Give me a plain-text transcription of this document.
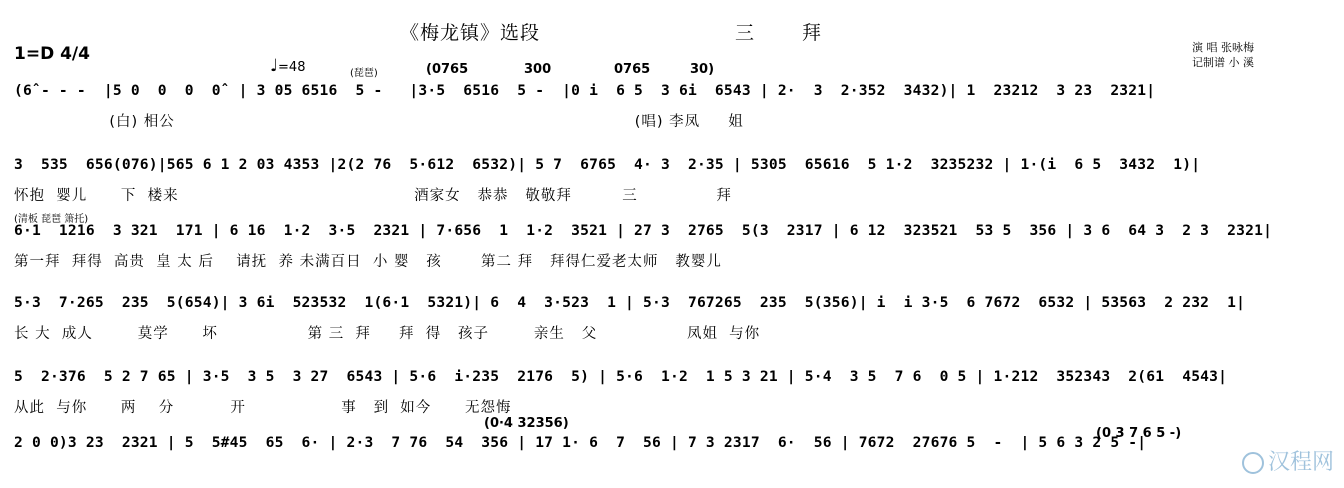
《梅龙镇》选段	三拜
演 唱 张咏梅
记制谱 小 溪
1=D 4/4
♩=48	(琵琶)	(0765	300	0765	30)
(6̂ - - -  |5 0  0  0  0̂  | 3 05 6516  5 -   |3·5  6516  5 -  |0 i  6 5  3 6i  6543 | 2·  3  2·352  3432)| 1  23212  3 23  2321|
(白) 相公                                                                                  (唱) 李凤     姐
3  535  656(076)|565 6 1 2 03 4353 |2(2 76  5·612  6532)| 5 7  6765  4· 3  2·35 | 5305  65616  5 1·2  3235232 | 1·(i  6 5  3432  1)|
怀抱  婴儿      下  楼来                                          酒家女   恭恭   敬敬拜         三              拜
(清板 琵琶 箫托)
6·1  1216  3 321  171 | 6 16  1·2  3·5  2321 | 7·656  1  1·2  3521 | 27 3  2765  5(3  2317 | 6 12  323521  53 5  356 | 3 6  64 3  2 3  2321|
第一拜  拜得  高贵  皇 太 后    请抚  养 未满百日  小 婴   孩       第二 拜   拜得仁爱老太师   教婴儿
5·3  7·265  235  5(654)| 3 6i  523532  1(6·1  5321)| 6  4  3·523  1 | 5·3  767265  235  5(356)| i  i 3·5  6 7672  6532 | 53563  2 232  1|
长 大  成人        莫学      坏                第 三  拜     拜  得   孩子        亲生   父                凤姐  与你
5  2·376  5 2 7 65 | 3·5  3 5  3 27  6543 | 5·6  i·235  2176  5) | 5·6  1·2  1 5 3 21 | 5·4  3 5  7 6  0 5 | 1·212  352343  2(61  4543|
从此  与你      两    分          开                 事   到  如今      无怨悔
(0·4 32356)
(0 3 7 6 5 -)
2 0 0)3 23  2321 | 5  5#45  65  6· | 2·3  7 76  54  356 | 17 1· 6  7  56 | 7 3 2317  6·  56 | 7672  27676 5  -  | 5 6 3 2 5 -|
汉程网
